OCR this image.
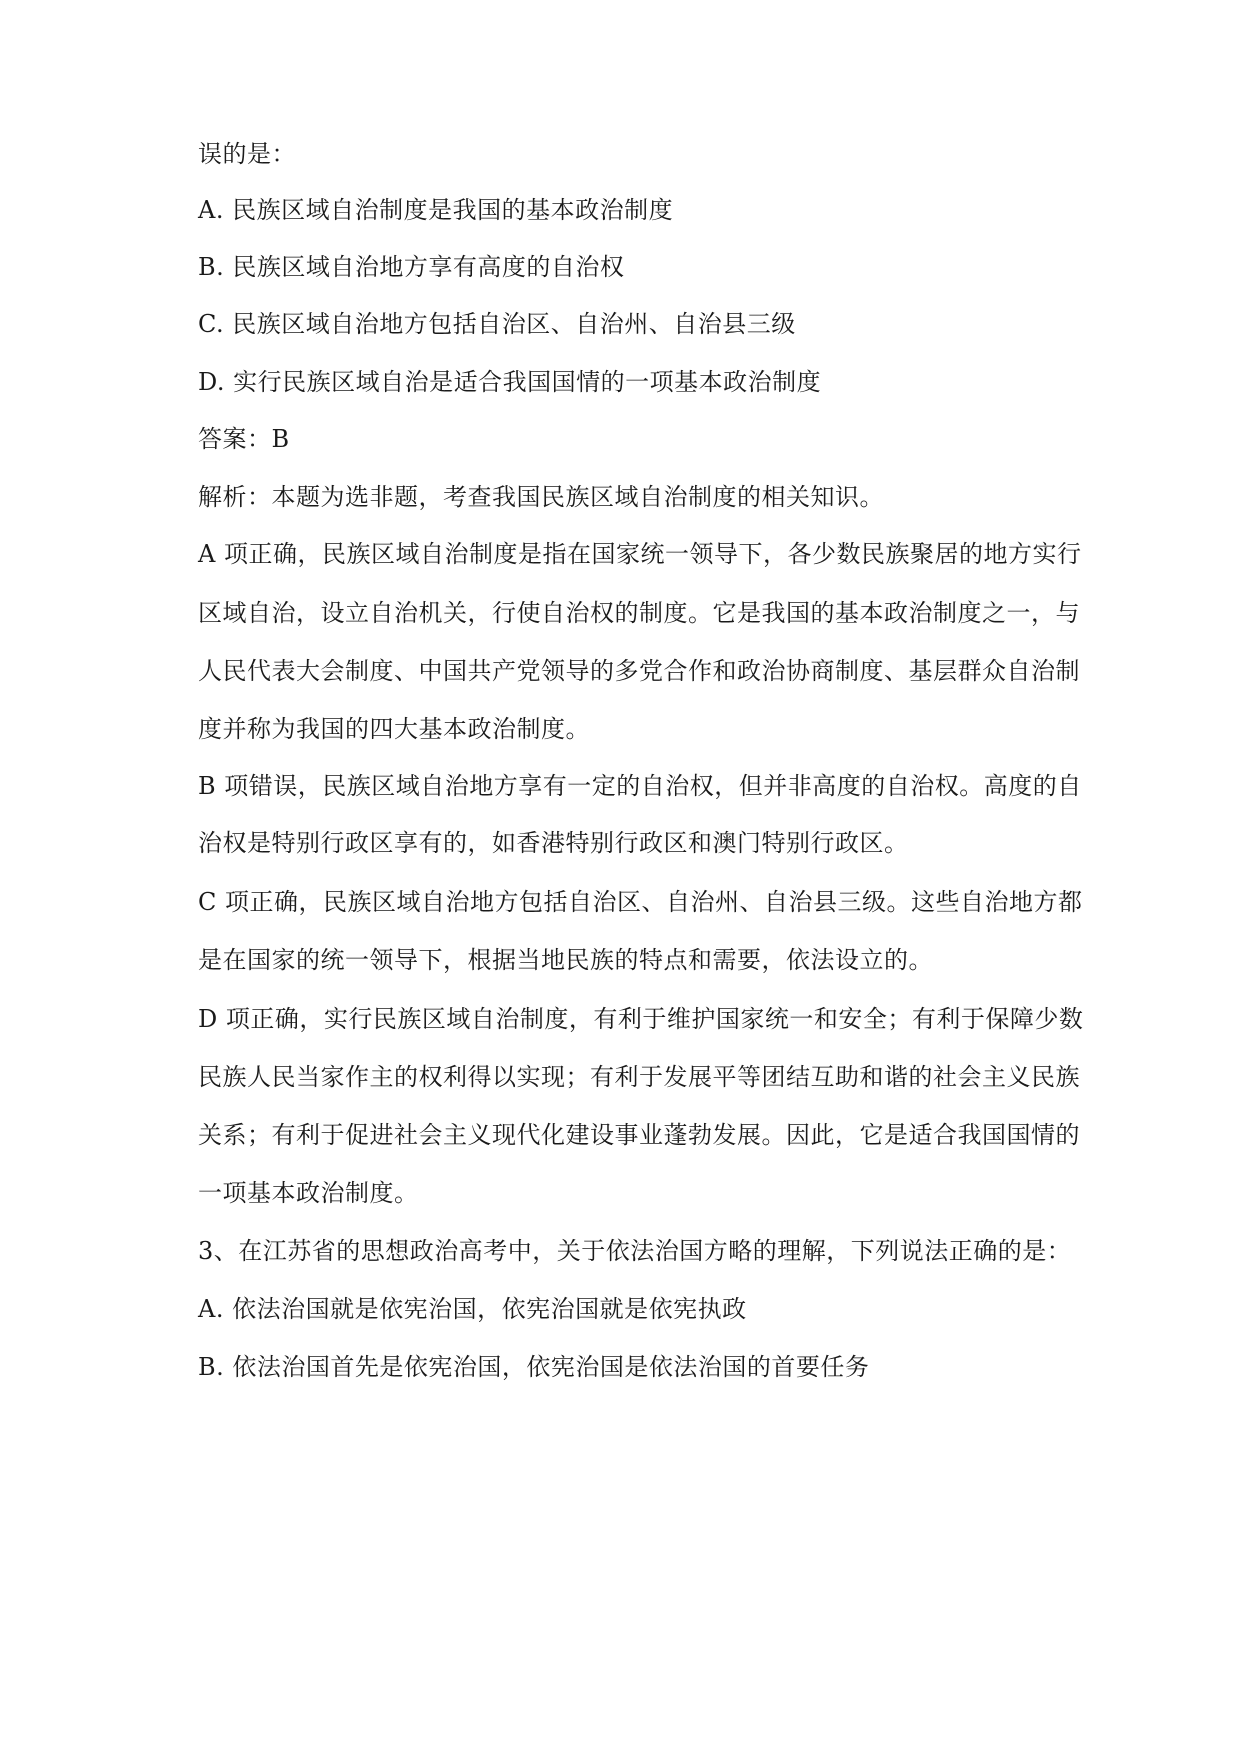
误的是：
A. 民族区域自治制度是我国的基本政治制度
B. 民族区域自治地方享有高度的自治权
C. 民族区域自治地方包括自治区、自治州、自治县三级
D. 实行民族区域自治是适合我国国情的一项基本政治制度
答案：B
解析：本题为选非题，考查我国民族区域自治制度的相关知识。
A 项正确，民族区域自治制度是指在国家统一领导下，各少数民族聚居的地方实行
区域自治，设立自治机关，行使自治权的制度。它是我国的基本政治制度之一，与
人民代表大会制度、中国共产党领导的多党合作和政治协商制度、基层群众自治制
度并称为我国的四大基本政治制度。
B 项错误，民族区域自治地方享有一定的自治权，但并非高度的自治权。高度的自
治权是特别行政区享有的，如香港特别行政区和澳门特别行政区。
C 项正确，民族区域自治地方包括自治区、自治州、自治县三级。这些自治地方都
是在国家的统一领导下，根据当地民族的特点和需要，依法设立的。
D 项正确，实行民族区域自治制度，有利于维护国家统一和安全；有利于保障少数
民族人民当家作主的权利得以实现；有利于发展平等团结互助和谐的社会主义民族
关系；有利于促进社会主义现代化建设事业蓬勃发展。因此，它是适合我国国情的
一项基本政治制度。
3、在江苏省的思想政治高考中，关于依法治国方略的理解，下列说法正确的是：
A. 依法治国就是依宪治国，依宪治国就是依宪执政
B. 依法治国首先是依宪治国，依宪治国是依法治国的首要任务
